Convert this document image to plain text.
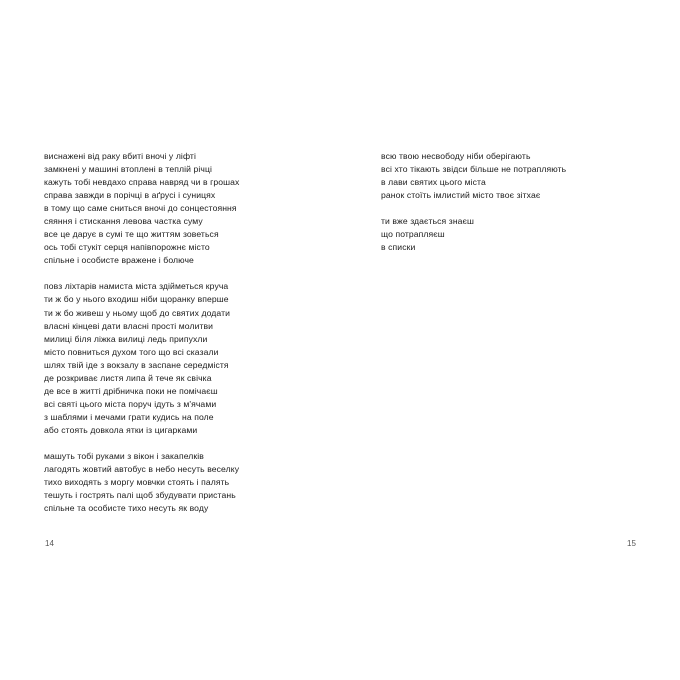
виснажені від раку вбиті вночі у ліфті
замкнені у машині втоплені в теплій річці
кажуть тобі невдахо справа навряд чи в грошах
справа завжди в порічці в аґрусі і суницях
в тому що саме сниться вночі до сонцестояння
сяяння і стискання левова частка суму
все це дарує в сумі те що життям зоветься
ось тобі стукіт серця напівпорожнє місто
спільне і особисте вражене і болюче
повз ліхтарів намиста міста здійметься круча
ти ж бо у нього входиш ніби щоранку вперше
ти ж бо живеш у ньому щоб до святих додати
власні кінцеві дати власні прості молитви
милиці біля ліжка вилиці ледь припухли
місто повниться духом того що всі сказали
шлях твій іде з вокзалу в заспане середмістя
де розкриває листя липа й тече як свічка
де все в житті дрібничка поки не помічаєш
всі святі цього міста поруч ідуть з м'ячами
з шаблями і мечами грати кудись на поле
або стоять довкола ятки із цигарками
машуть тобі руками з вікон і закапелків
лагодять жовтий автобус в небо несуть веселку
тихо виходять з моргу мовчки стоять і палять
тешуть і гострять палі щоб збудувати пристань
спільне та особисте тихо несуть як воду
14
всю твою несвободу ніби оберігають
всі хто тікають звідси більше не потрапляють
в лави святих цього міста
ранок стоїть імлистий місто твоє зітхає
ти вже здається знаєш
що потрапляєш
в списки
15
